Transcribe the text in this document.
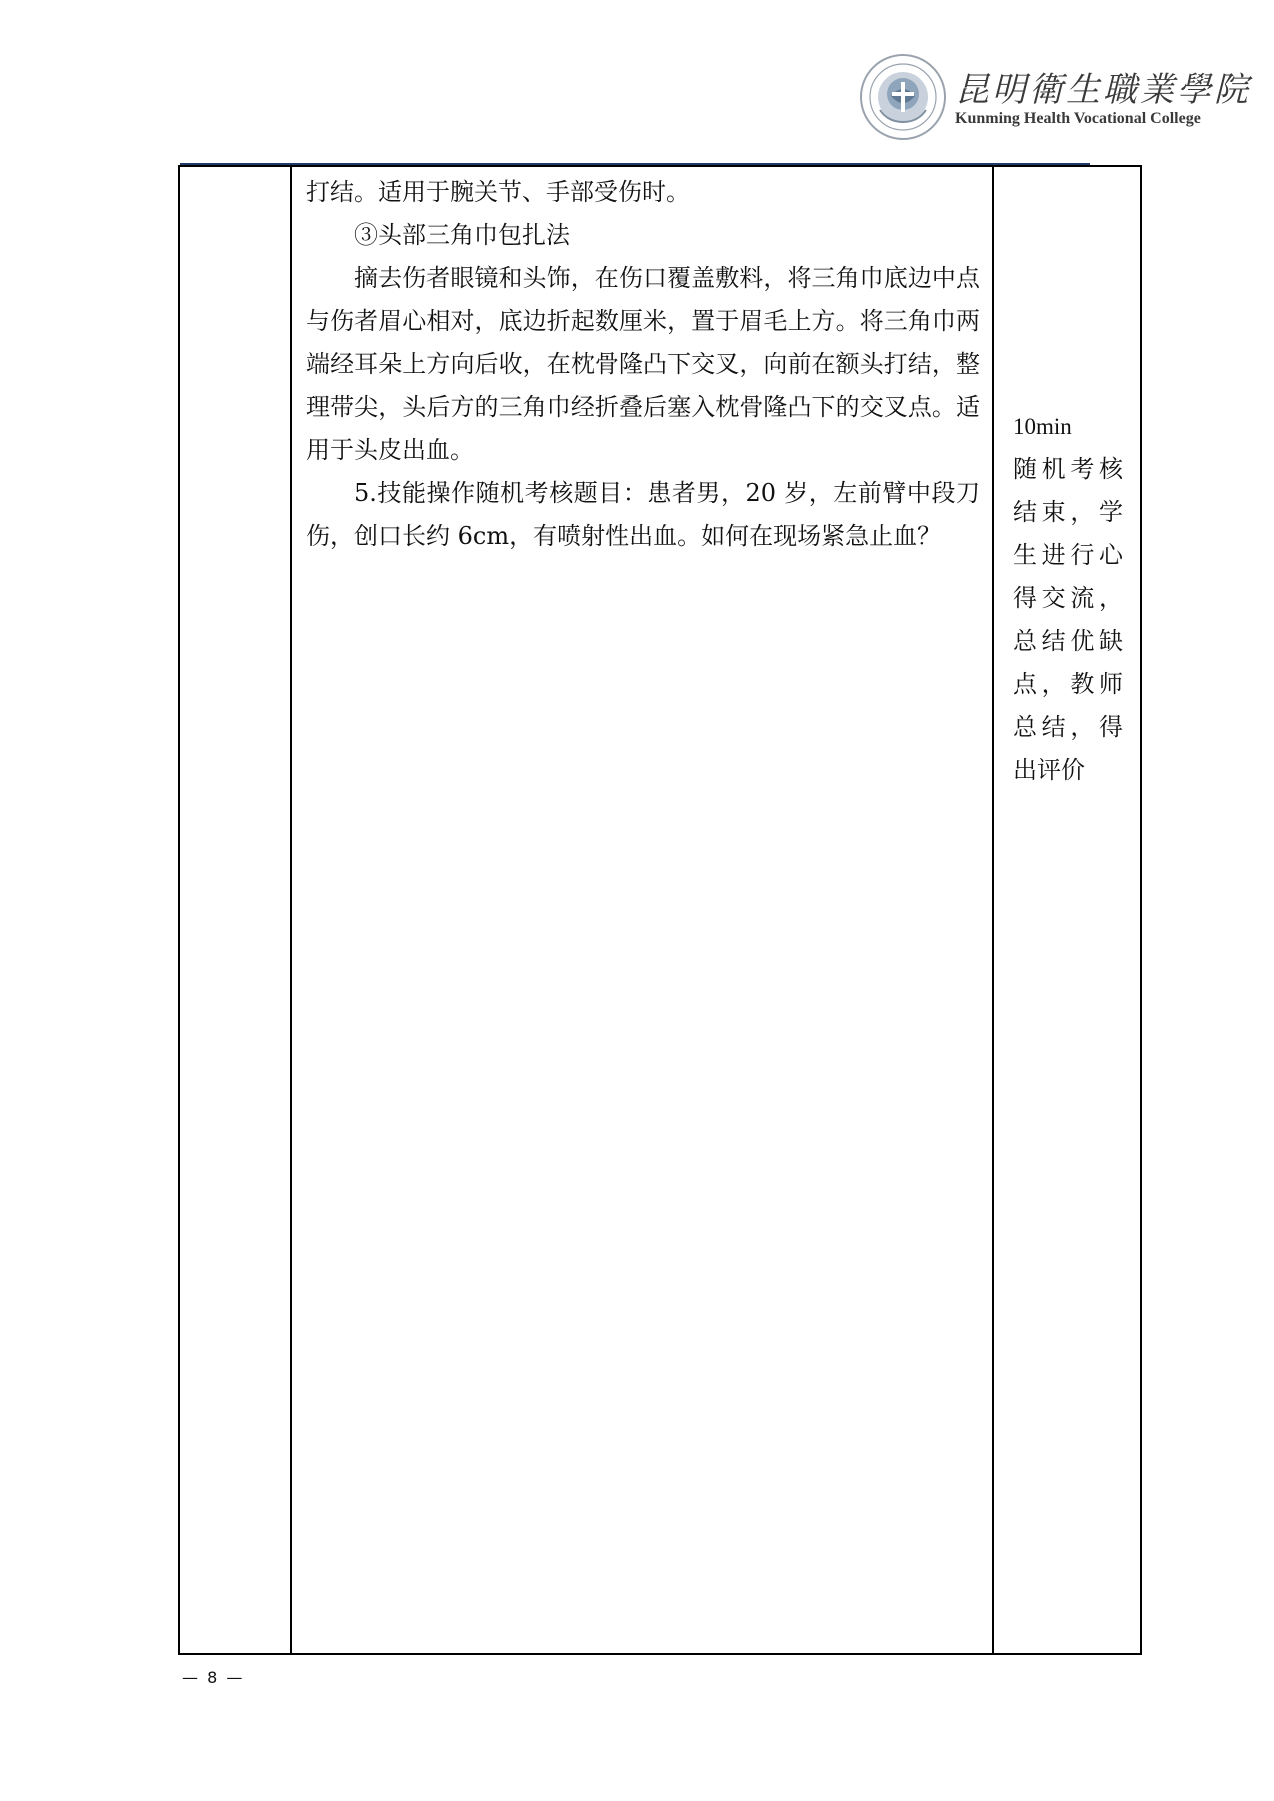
昆明衛生職業學院
Kunming Health Vocational College

打结。适用于腕关节、手部受伤时。

③头部三角巾包扎法

摘去伤者眼镜和头饰，在伤口覆盖敷料，将三角巾底边中点与伤者眉心相对，底边折起数厘米，置于眉毛上方。将三角巾两端经耳朵上方向后收，在枕骨隆凸下交叉，向前在额头打结，整理带尖，头后方的三角巾经折叠后塞入枕骨隆凸下的交叉点。适用于头皮出血。

5.技能操作随机考核题目：患者男，20 岁，左前臂中段刀伤，创口长约 6cm，有喷射性出血。如何在现场紧急止血？

10min
随机考核结束，学生进行心得交流，总结优缺点，教师总结，得出评价
— 8 —
